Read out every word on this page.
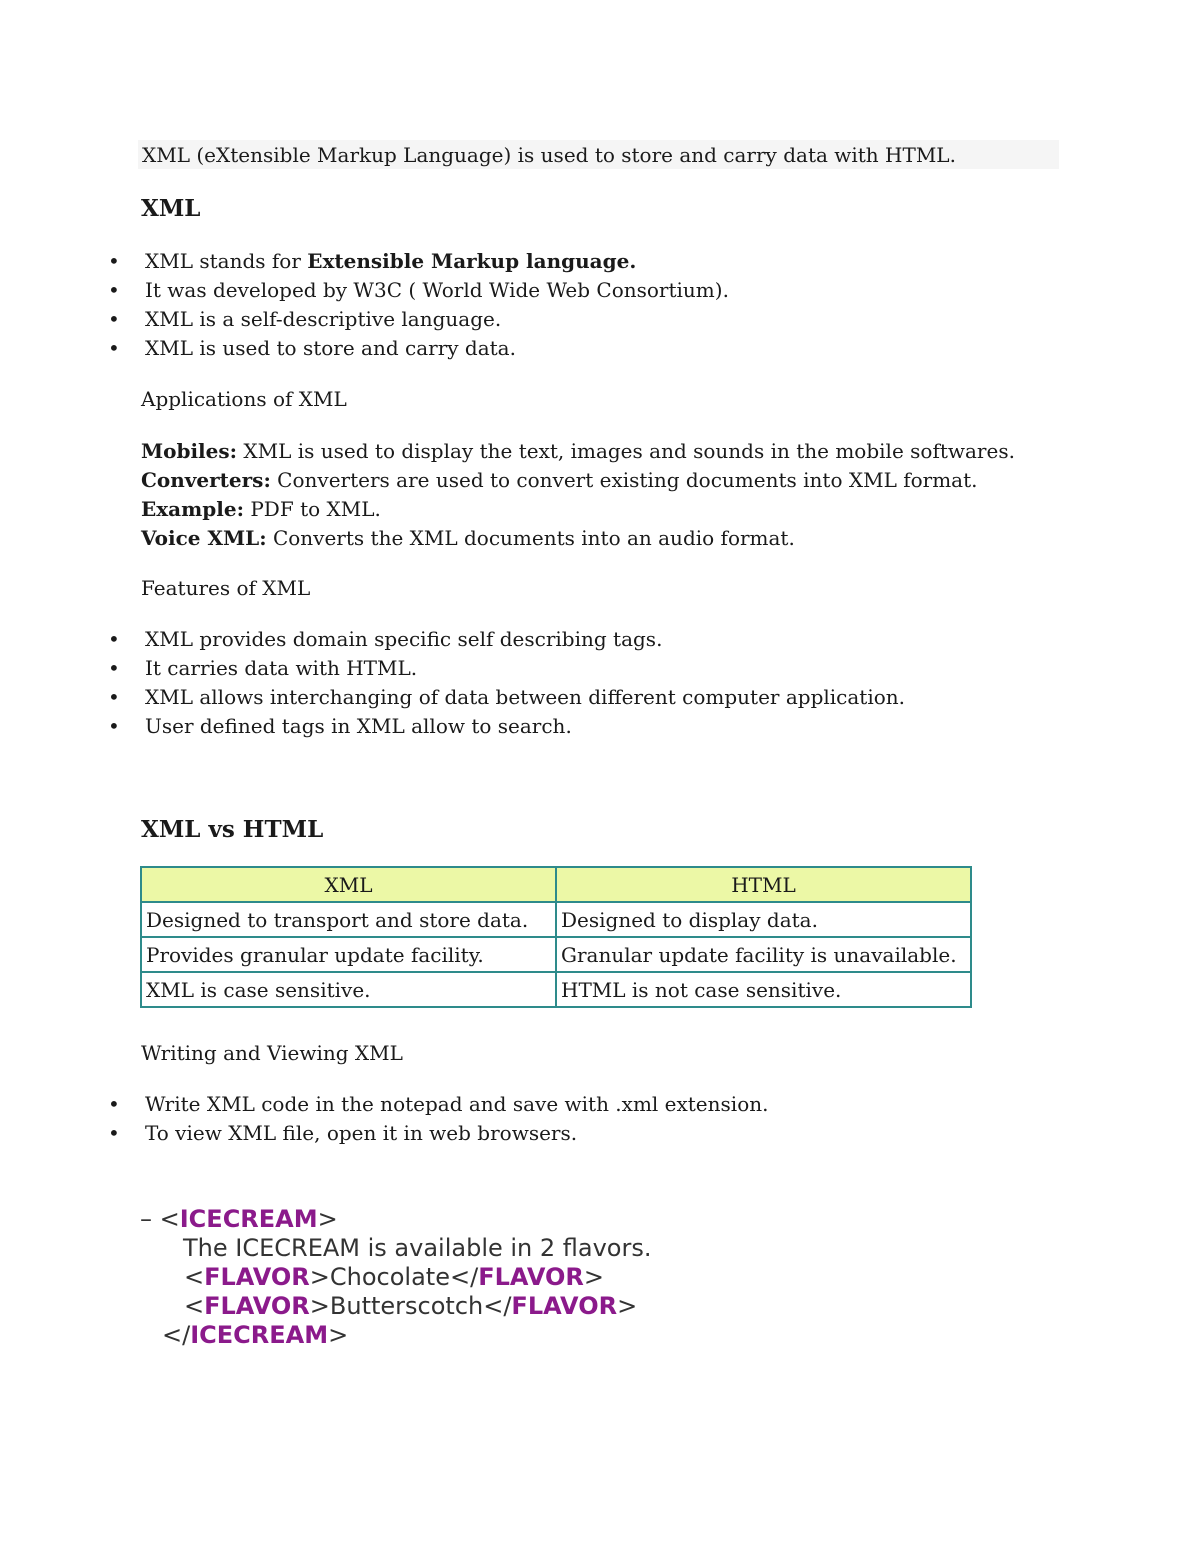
XML (eXtensible Markup Language) is used to store and carry data with HTML.
XML
• XML stands for Extensible Markup language.
• It was developed by W3C ( World Wide Web Consortium).
• XML is a self-descriptive language.
• XML is used to store and carry data.
Applications of XML
Mobiles: XML is used to display the text, images and sounds in the mobile softwares.
Converters: Converters are used to convert existing documents into XML format.
Example: PDF to XML.
Voice XML: Converts the XML documents into an audio format.
Features of XML
• XML provides domain specific self describing tags.
• It carries data with HTML.
• XML allows interchanging of data between different computer application.
• User defined tags in XML allow to search.
XML vs HTML
XML	HTML
Designed to transport and store data.	Designed to display data.
Provides granular update facility.	Granular update facility is unavailable.
XML is case sensitive.	HTML is not case sensitive.
Writing and Viewing XML
• Write XML code in the notepad and save with .xml extension.
• To view XML file, open it in web browsers.
– <ICECREAM>
The ICECREAM is available in 2 flavors.
<FLAVOR>Chocolate</FLAVOR>
<FLAVOR>Butterscotch</FLAVOR>
</ICECREAM>
